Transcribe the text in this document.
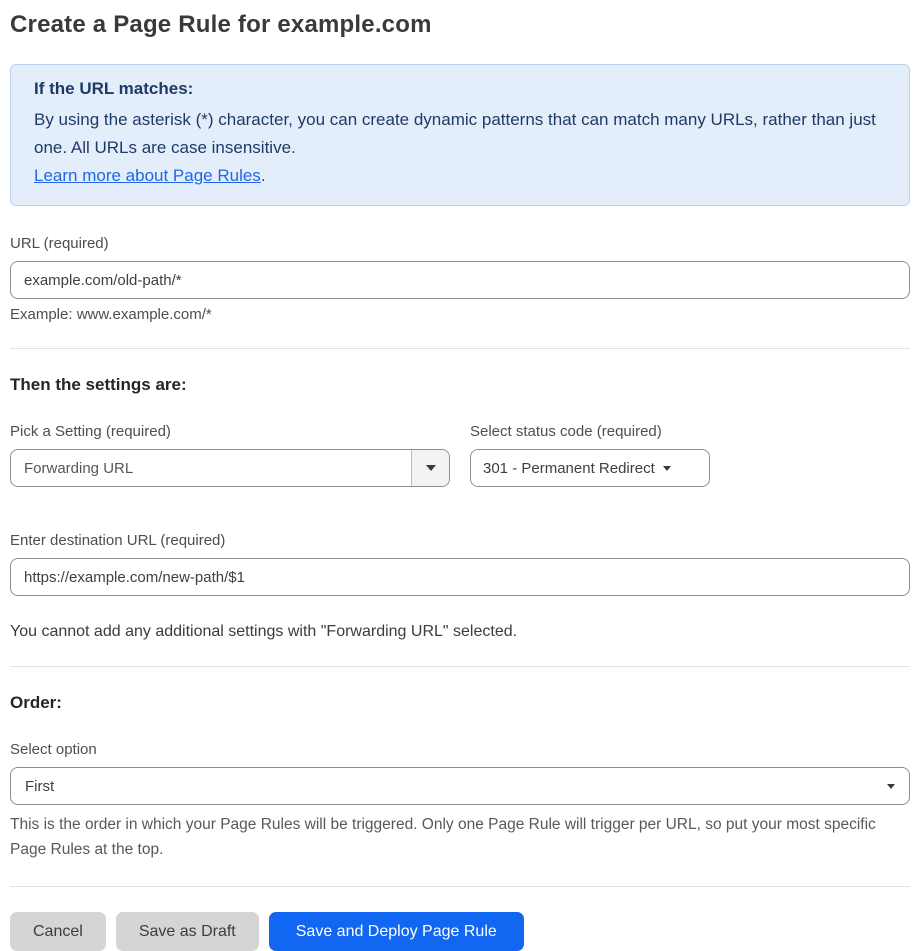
Create a Page Rule for example.com
If the URL matches:
By using the asterisk (*) character, you can create dynamic patterns that can match many URLs, rather than just one. All URLs are case insensitive.
Learn more about Page Rules.
URL (required)
example.com/old-path/*
Example: www.example.com/*
Then the settings are:
Pick a Setting (required)
Forwarding URL
Select status code (required)
301 - Permanent Redirect
Enter destination URL (required)
https://example.com/new-path/$1

You cannot add any additional settings with "Forwarding URL" selected.

Order:
Select option
First
This is the order in which your Page Rules will be triggered. Only one Page Rule will trigger per URL, so put your most specific Page Rules at the top.
Cancel	Save as Draft	Save and Deploy Page Rule
